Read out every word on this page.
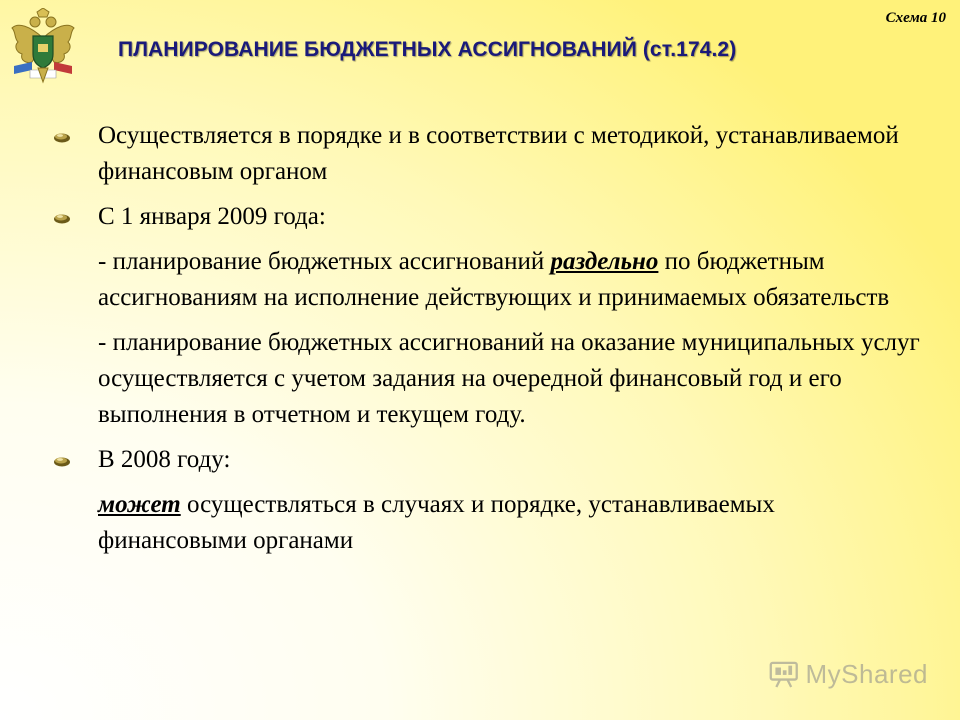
Схема 10
ПЛАНИРОВАНИЕ БЮДЖЕТНЫХ АССИГНОВАНИЙ (ст.174.2)
Осуществляется в порядке и в соответствии с методикой, устанавливаемой финансовым органом
С 1 января 2009 года:
- планирование бюджетных ассигнований раздельно по бюджетным ассигнованиям на исполнение действующих и принимаемых обязательств
- планирование бюджетных ассигнований на оказание муниципальных услуг осуществляется с учетом задания на очередной финансовый год и его выполнения в отчетном и текущем году.
В 2008 году:
может осуществляться в случаях и порядке, устанавливаемых финансовыми органами
MyShared
